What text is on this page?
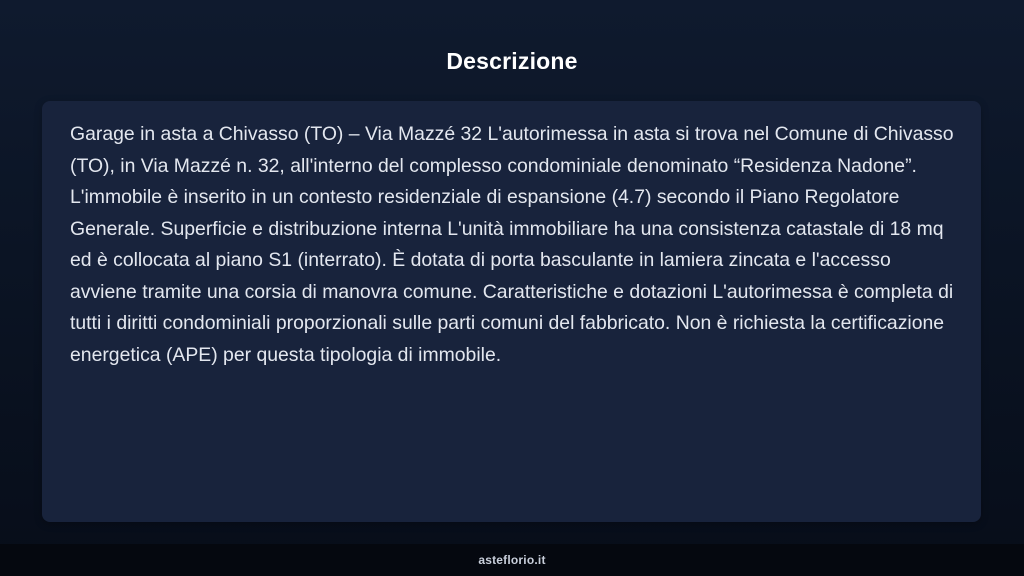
Descrizione

Garage in asta a Chivasso (TO) – Via Mazzé 32 L'autorimessa in asta si trova nel Comune di Chivasso (TO), in Via Mazzé n. 32, all'interno del complesso condominiale denominato “Residenza Nadone”. L'immobile è inserito in un contesto residenziale di espansione (4.7) secondo il Piano Regolatore Generale. Superficie e distribuzione interna L'unità immobiliare ha una consistenza catastale di 18 mq ed è collocata al piano S1 (interrato). È dotata di porta basculante in lamiera zincata e l'accesso avviene tramite una corsia di manovra comune. Caratteristiche e dotazioni L'autorimessa è completa di tutti i diritti condominiali proporzionali sulle parti comuni del fabbricato. Non è richiesta la certificazione energetica (APE) per questa tipologia di immobile.

asteflorio.it
